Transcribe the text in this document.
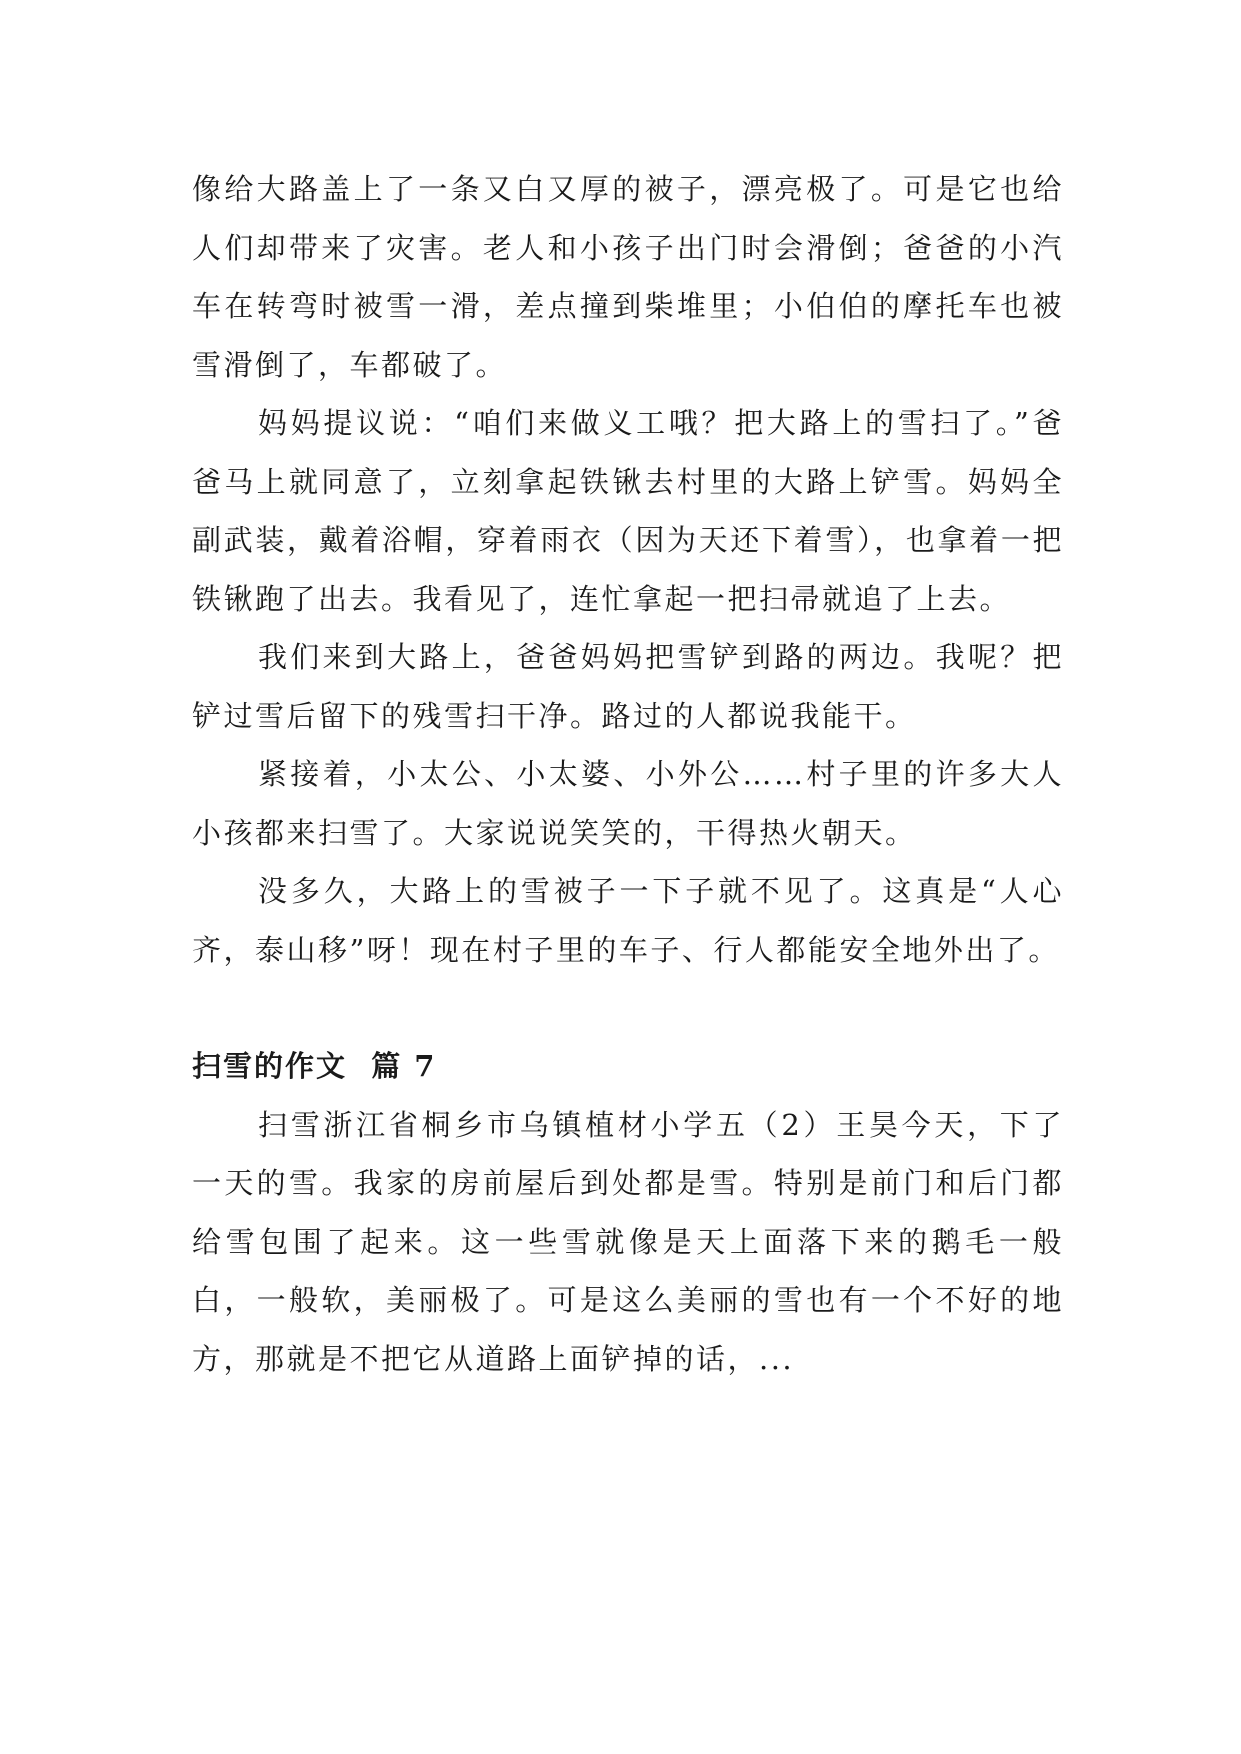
像给大路盖上了一条又白又厚的被子，漂亮极了。可是它也给人们却带来了灾害。老人和小孩子出门时会滑倒；爸爸的小汽车在转弯时被雪一滑，差点撞到柴堆里；小伯伯的摩托车也被雪滑倒了，车都破了。

妈妈提议说：“咱们来做义工哦？把大路上的雪扫了。”爸爸马上就同意了，立刻拿起铁锹去村里的大路上铲雪。妈妈全副武装，戴着浴帽，穿着雨衣（因为天还下着雪），也拿着一把铁锹跑了出去。我看见了，连忙拿起一把扫帚就追了上去。

我们来到大路上，爸爸妈妈把雪铲到路的两边。我呢？把铲过雪后留下的残雪扫干净。路过的人都说我能干。

紧接着，小太公、小太婆、小外公……村子里的许多大人小孩都来扫雪了。大家说说笑笑的，干得热火朝天。

没多久，大路上的雪被子一下子就不见了。这真是“人心齐，泰山移”呀！现在村子里的车子、行人都能安全地外出了。

扫雪的作文  篇 7

扫雪浙江省桐乡市乌镇植材小学五（2）王昊今天，下了一天的雪。我家的房前屋后到处都是雪。特别是前门和后门都给雪包围了起来。这一些雪就像是天上面落下来的鹅毛一般白，一般软，美丽极了。可是这么美丽的雪也有一个不好的地方，那就是不把它从道路上面铲掉的话，...
